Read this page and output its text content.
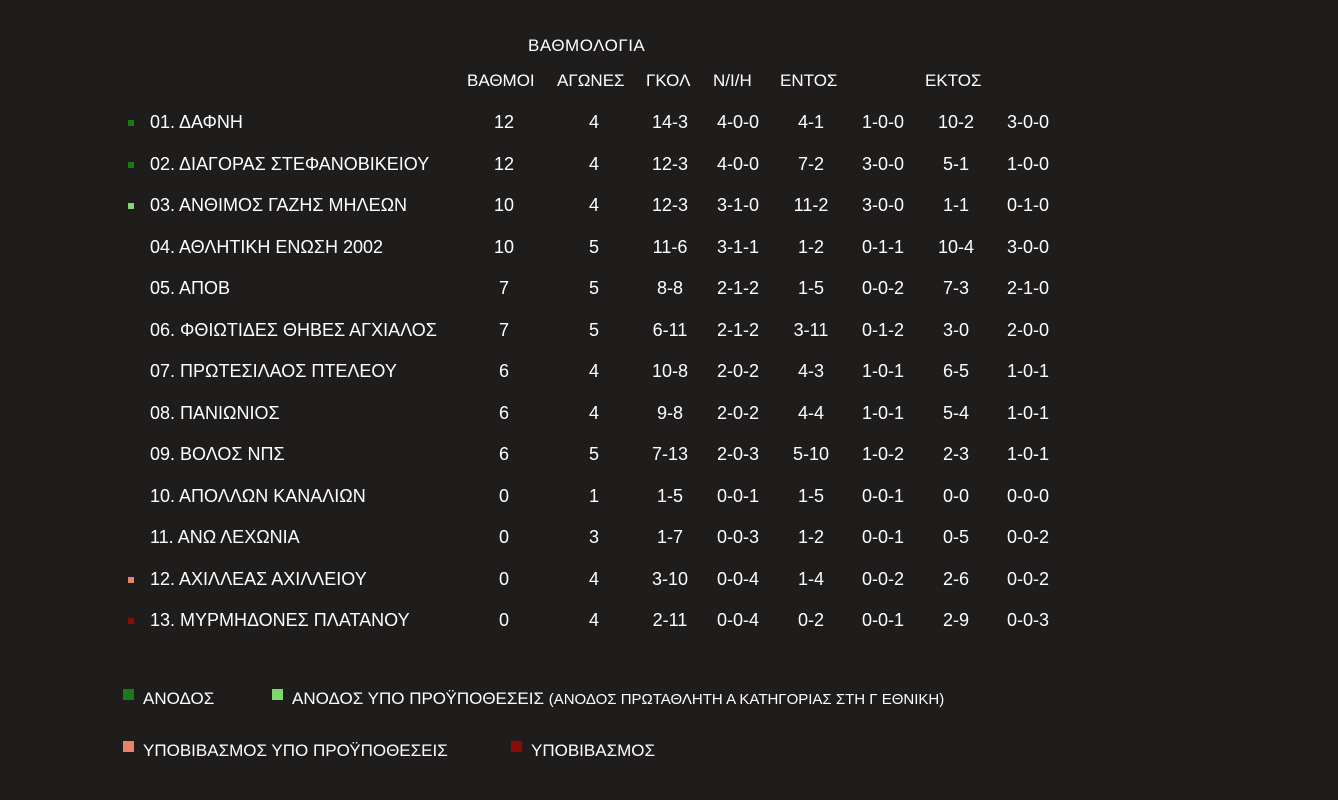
ΒΑΘΜΟΛΟΓΙΑ
ΒΑΘΜΟΙ ΑΓΩΝΕΣ ΓΚΟΛ Ν/Ι/Η ΕΝΤΟΣ	ΕΚΤΟΣ
01. ΔΑΦΝΗ	12	4	14-3	4-0-0	4-1	1-0-0	10-2	3-0-0
02. ΔΙΑΓΟΡΑΣ ΣΤΕΦΑΝΟΒΙΚΕΙΟΥ	12	4	12-3	4-0-0	7-2	3-0-0	5-1	1-0-0
03. ΑΝΘΙΜΟΣ ΓΑΖΗΣ ΜΗΛΕΩΝ	10	4	12-3	3-1-0	11-2	3-0-0	1-1	0-1-0
04. ΑΘΛΗΤΙΚΗ ΕΝΩΣΗ 2002	10	5	11-6	3-1-1	1-2	0-1-1	10-4	3-0-0
05. ΑΠΟΒ	7	5	8-8	2-1-2	1-5	0-0-2	7-3	2-1-0
06. ΦΘΙΩΤΙΔΕΣ ΘΗΒΕΣ ΑΓΧΙΑΛΟΣ	7	5	6-11	2-1-2	3-11	0-1-2	3-0	2-0-0
07. ΠΡΩΤΕΣΙΛΑΟΣ ΠΤΕΛΕΟΥ	6	4	10-8	2-0-2	4-3	1-0-1	6-5	1-0-1
08. ΠΑΝΙΩΝΙΟΣ	6	4	9-8	2-0-2	4-4	1-0-1	5-4	1-0-1
09. ΒΟΛΟΣ ΝΠΣ	6	5	7-13	2-0-3	5-10	1-0-2	2-3	1-0-1
10. ΑΠΟΛΛΩΝ ΚΑΝΑΛΙΩΝ	0	1	1-5	0-0-1	1-5	0-0-1	0-0	0-0-0
11. ΑΝΩ ΛΕΧΩΝΙΑ	0	3	1-7	0-0-3	1-2	0-0-1	0-5	0-0-2
12. ΑΧΙΛΛΕΑΣ ΑΧΙΛΛΕΙΟΥ	0	4	3-10	0-0-4	1-4	0-0-2	2-6	0-0-2
13. ΜΥΡΜΗΔΟΝΕΣ ΠΛΑΤΑΝΟΥ	0	4	2-11	0-0-4	0-2	0-0-1	2-9	0-0-3
ΑΝΟΔΟΣ	ΑΝΟΔΟΣ ΥΠΟ ΠΡΟΫΠΟΘΕΣΕΙΣ (ΑΝΟΔΟΣ ΠΡΩΤΑΘΛΗΤΗ Α ΚΑΤΗΓΟΡΙΑΣ ΣΤΗ Γ ΕΘΝΙΚΗ)
ΥΠΟΒΙΒΑΣΜΟΣ ΥΠΟ ΠΡΟΫΠΟΘΕΣΕΙΣ	ΥΠΟΒΙΒΑΣΜΟΣ
